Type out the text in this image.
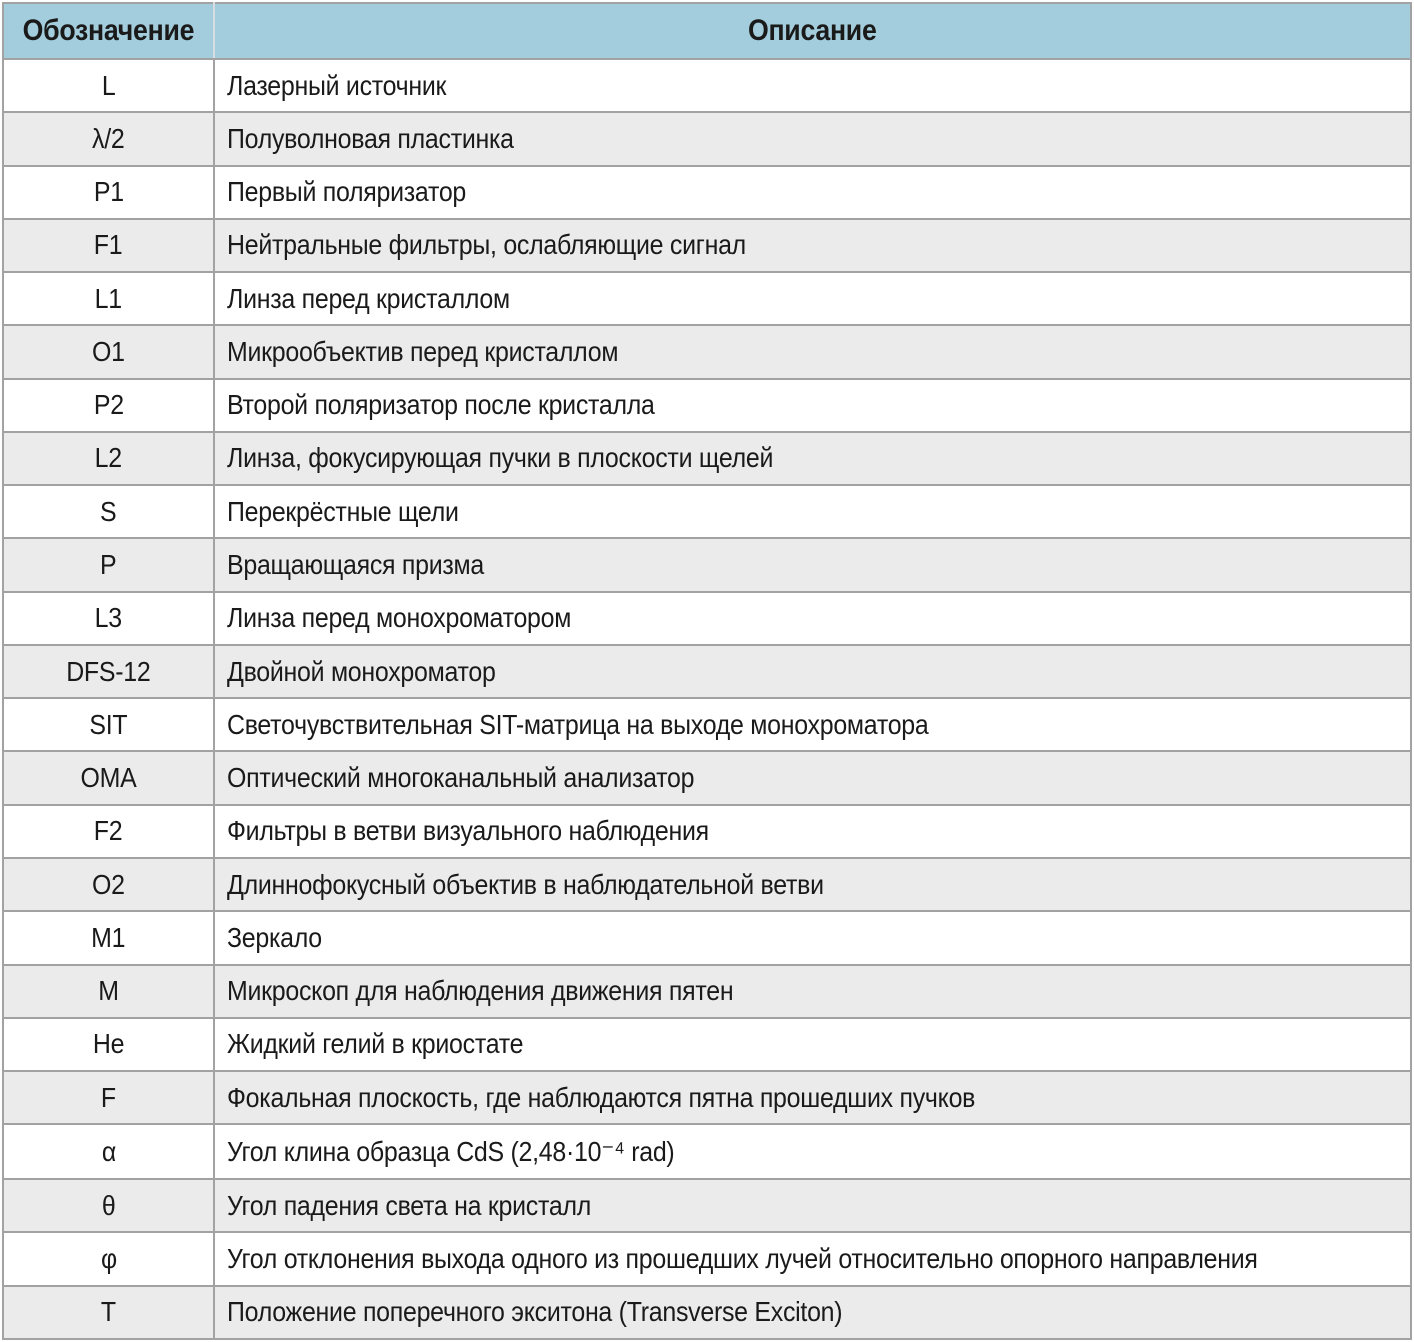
Обозначение	Описание
L	Лазерный источник
λ/2	Полуволновая пластинка
P1	Первый поляризатор
F1	Нейтральные фильтры, ослабляющие сигнал
L1	Линза перед кристаллом
O1	Микрообъектив перед кристаллом
P2	Второй поляризатор после кристалла
L2	Линза, фокусирующая пучки в плоскости щелей
S	Перекрёстные щели
P	Вращающаяся призма
L3	Линза перед монохроматором
DFS-12	Двойной монохроматор
SIT	Светочувствительная SIT-матрица на выходе монохроматора
OMA	Оптический многоканальный анализатор
F2	Фильтры в ветви визуального наблюдения
O2	Длиннофокусный объектив в наблюдательной ветви
M1	Зеркало
M	Микроскоп для наблюдения движения пятен
He	Жидкий гелий в криостате
F	Фокальная плоскость, где наблюдаются пятна прошедших пучков
α	Угол клина образца CdS (2,48·10⁻⁴ rad)
θ	Угол падения света на кристалл
φ	Угол отклонения выхода одного из прошедших лучей относительно опорного направления
T	Положение поперечного экситона (Transverse Exciton)
